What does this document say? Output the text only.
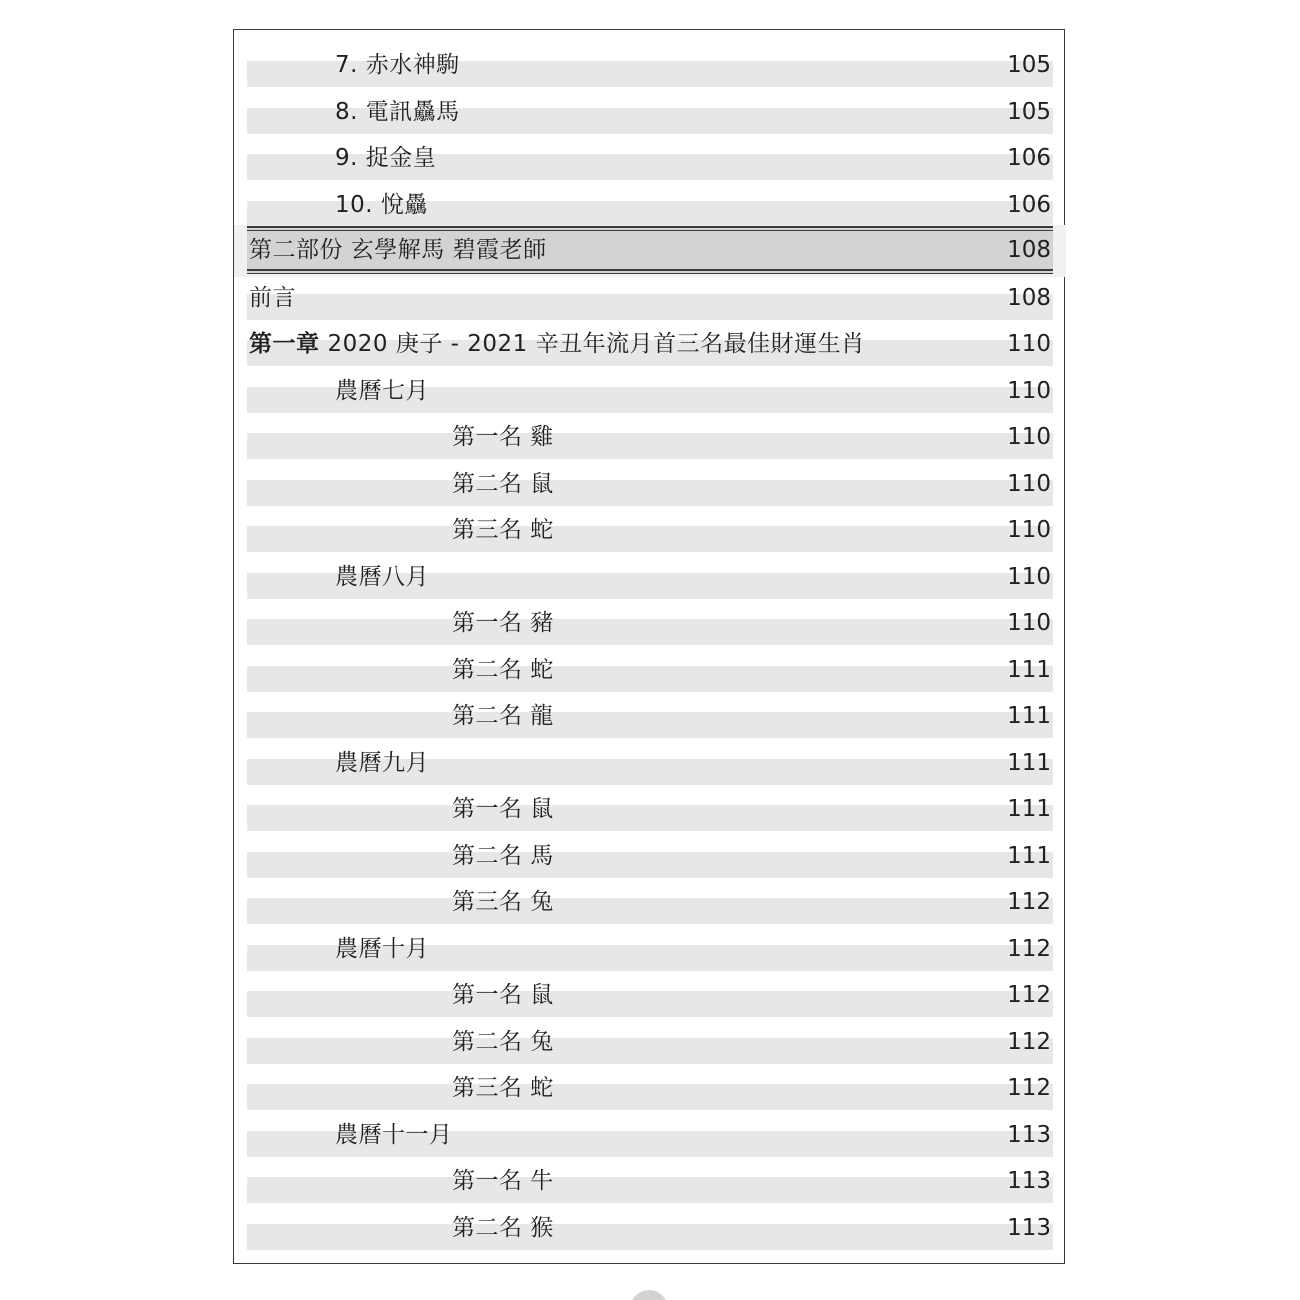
7. 赤水神駒	105
8. 電訊驫馬	105
9. 捉金皇	106
10. 悅驫	106
第二部份 玄學解馬 碧霞老師	108
前言	108
第一章 2020 庚子 - 2021 辛丑年流月首三名最佳財運生肖	110
農曆七月	110
第一名 雞	110
第二名 鼠	110
第三名 蛇	110
農曆八月	110
第一名 豬	110
第二名 蛇	111
第二名 龍	111
農曆九月	111
第一名 鼠	111
第二名 馬	111
第三名 兔	112
農曆十月	112
第一名 鼠	112
第二名 兔	112
第三名 蛇	112
農曆十一月	113
第一名 牛	113
第二名 猴	113
